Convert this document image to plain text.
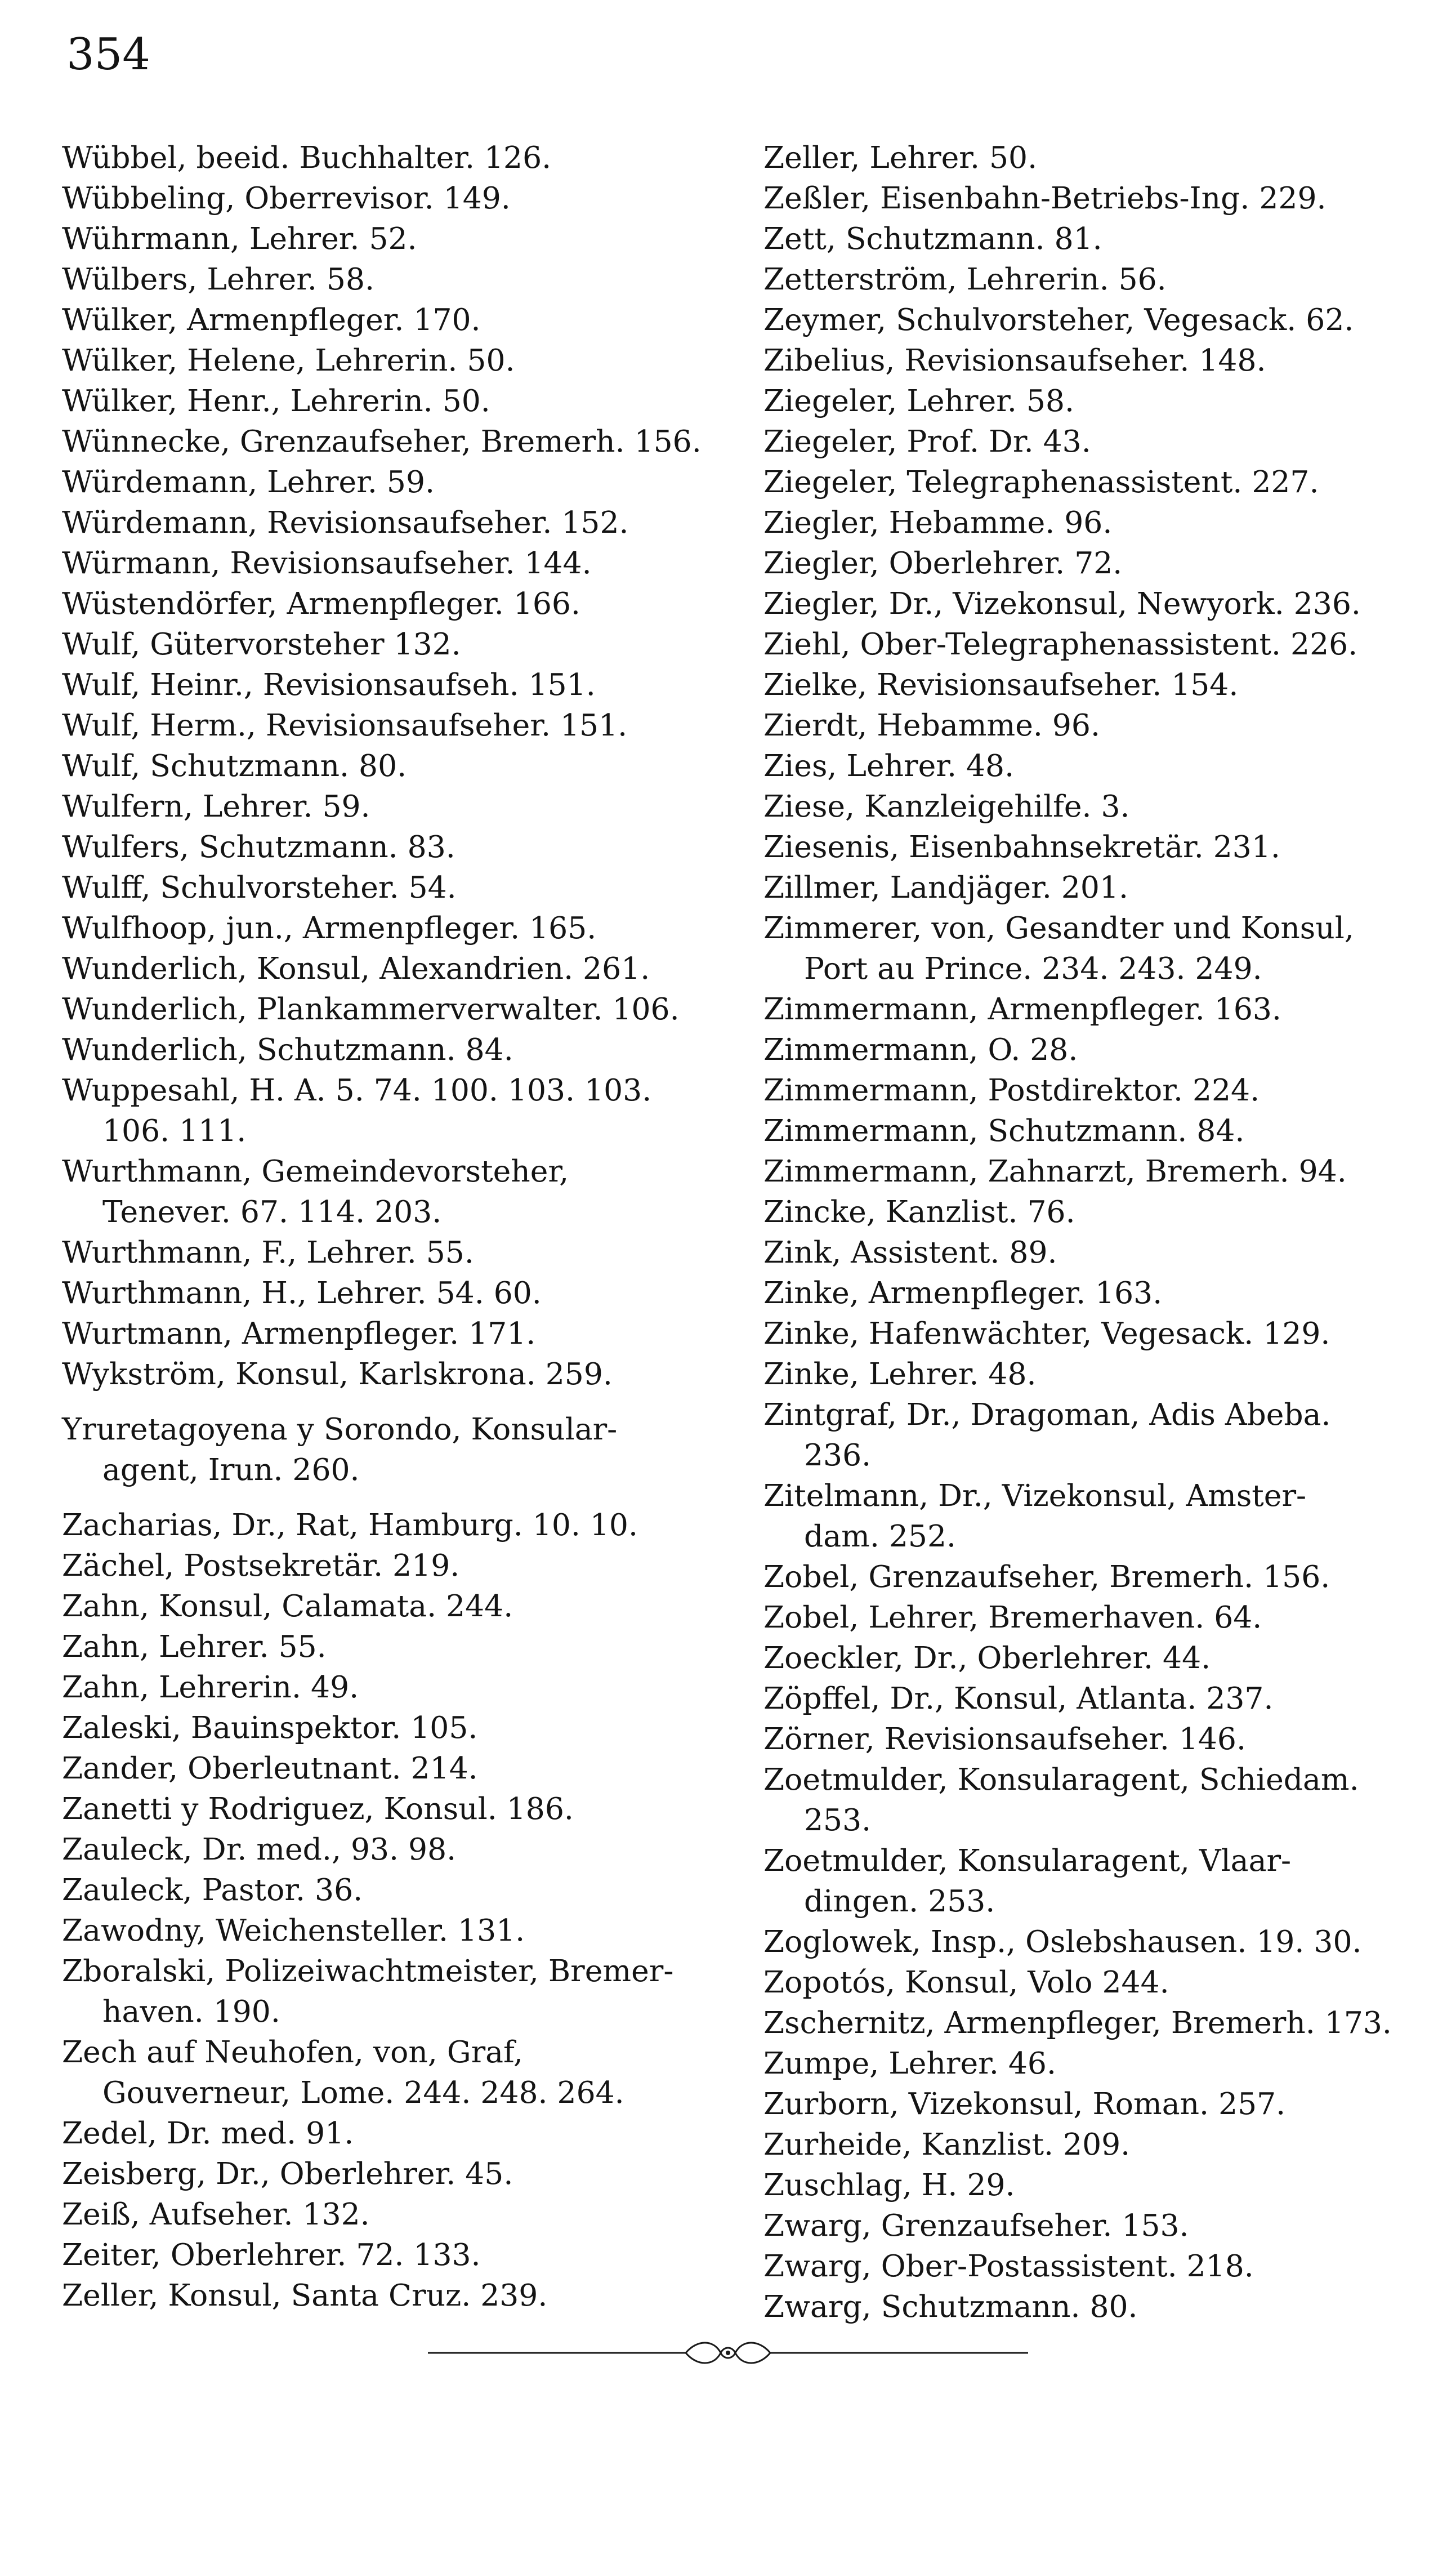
354
Wübbel, beeid. Buchhalter. 126.
Wübbeling, Oberrevisor. 149.
Wührmann, Lehrer. 52.
Wülbers, Lehrer. 58.
Wülker, Armenpfleger. 170.
Wülker, Helene, Lehrerin. 50.
Wülker, Henr., Lehrerin. 50.
Wünnecke, Grenzaufseher, Bremerh. 156.
Würdemann, Lehrer. 59.
Würdemann, Revisionsaufseher. 152.
Würmann, Revisionsaufseher. 144.
Wüstendörfer, Armenpfleger. 166.
Wulf, Gütervorsteher 132.
Wulf, Heinr., Revisionsaufseh. 151.
Wulf, Herm., Revisionsaufseher. 151.
Wulf, Schutzmann. 80.
Wulfern, Lehrer. 59.
Wulfers, Schutzmann. 83.
Wulff, Schulvorsteher. 54.
Wulfhoop, jun., Armenpfleger. 165.
Wunderlich, Konsul, Alexandrien. 261.
Wunderlich, Plankammerverwalter. 106.
Wunderlich, Schutzmann. 84.
Wuppesahl, H. A. 5. 74. 100. 103. 103.
106. 111.
Wurthmann, Gemeindevorsteher,
Tenever. 67. 114. 203.
Wurthmann, F., Lehrer. 55.
Wurthmann, H., Lehrer. 54. 60.
Wurtmann, Armenpfleger. 171.
Wykström, Konsul, Karlskrona. 259.
Yruretagoyena y Sorondo, Konsular-
agent, Irun. 260.
Zacharias, Dr., Rat, Hamburg. 10. 10.
Zächel, Postsekretär. 219.
Zahn, Konsul, Calamata. 244.
Zahn, Lehrer. 55.
Zahn, Lehrerin. 49.
Zaleski, Bauinspektor. 105.
Zander, Oberleutnant. 214.
Zanetti y Rodriguez, Konsul. 186.
Zauleck, Dr. med., 93. 98.
Zauleck, Pastor. 36.
Zawodny, Weichensteller. 131.
Zboralski, Polizeiwachtmeister, Bremer-
haven. 190.
Zech auf Neuhofen, von, Graf,
Gouverneur, Lome. 244. 248. 264.
Zedel, Dr. med. 91.
Zeisberg, Dr., Oberlehrer. 45.
Zeiß, Aufseher. 132.
Zeiter, Oberlehrer. 72. 133.
Zeller, Konsul, Santa Cruz. 239.
Zeller, Lehrer. 50.
Zeßler, Eisenbahn-Betriebs-Ing. 229.
Zett, Schutzmann. 81.
Zetterström, Lehrerin. 56.
Zeymer, Schulvorsteher, Vegesack. 62.
Zibelius, Revisionsaufseher. 148.
Ziegeler, Lehrer. 58.
Ziegeler, Prof. Dr. 43.
Ziegeler, Telegraphenassistent. 227.
Ziegler, Hebamme. 96.
Ziegler, Oberlehrer. 72.
Ziegler, Dr., Vizekonsul, Newyork. 236.
Ziehl, Ober-Telegraphenassistent. 226.
Zielke, Revisionsaufseher. 154.
Zierdt, Hebamme. 96.
Zies, Lehrer. 48.
Ziese, Kanzleigehilfe. 3.
Ziesenis, Eisenbahnsekretär. 231.
Zillmer, Landjäger. 201.
Zimmerer, von, Gesandter und Konsul,
Port au Prince. 234. 243. 249.
Zimmermann, Armenpfleger. 163.
Zimmermann, O. 28.
Zimmermann, Postdirektor. 224.
Zimmermann, Schutzmann. 84.
Zimmermann, Zahnarzt, Bremerh. 94.
Zincke, Kanzlist. 76.
Zink, Assistent. 89.
Zinke, Armenpfleger. 163.
Zinke, Hafenwächter, Vegesack. 129.
Zinke, Lehrer. 48.
Zintgraf, Dr., Dragoman, Adis Abeba.
236.
Zitelmann, Dr., Vizekonsul, Amster-
dam. 252.
Zobel, Grenzaufseher, Bremerh. 156.
Zobel, Lehrer, Bremerhaven. 64.
Zoeckler, Dr., Oberlehrer. 44.
Zöpffel, Dr., Konsul, Atlanta. 237.
Zörner, Revisionsaufseher. 146.
Zoetmulder, Konsularagent, Schiedam.
253.
Zoetmulder, Konsularagent, Vlaar-
dingen. 253.
Zoglowek, Insp., Oslebshausen. 19. 30.
Zopotós, Konsul, Volo 244.
Zschernitz, Armenpfleger, Bremerh. 173.
Zumpe, Lehrer. 46.
Zurborn, Vizekonsul, Roman. 257.
Zurheide, Kanzlist. 209.
Zuschlag, H. 29.
Zwarg, Grenzaufseher. 153.
Zwarg, Ober-Postassistent. 218.
Zwarg, Schutzmann. 80.
